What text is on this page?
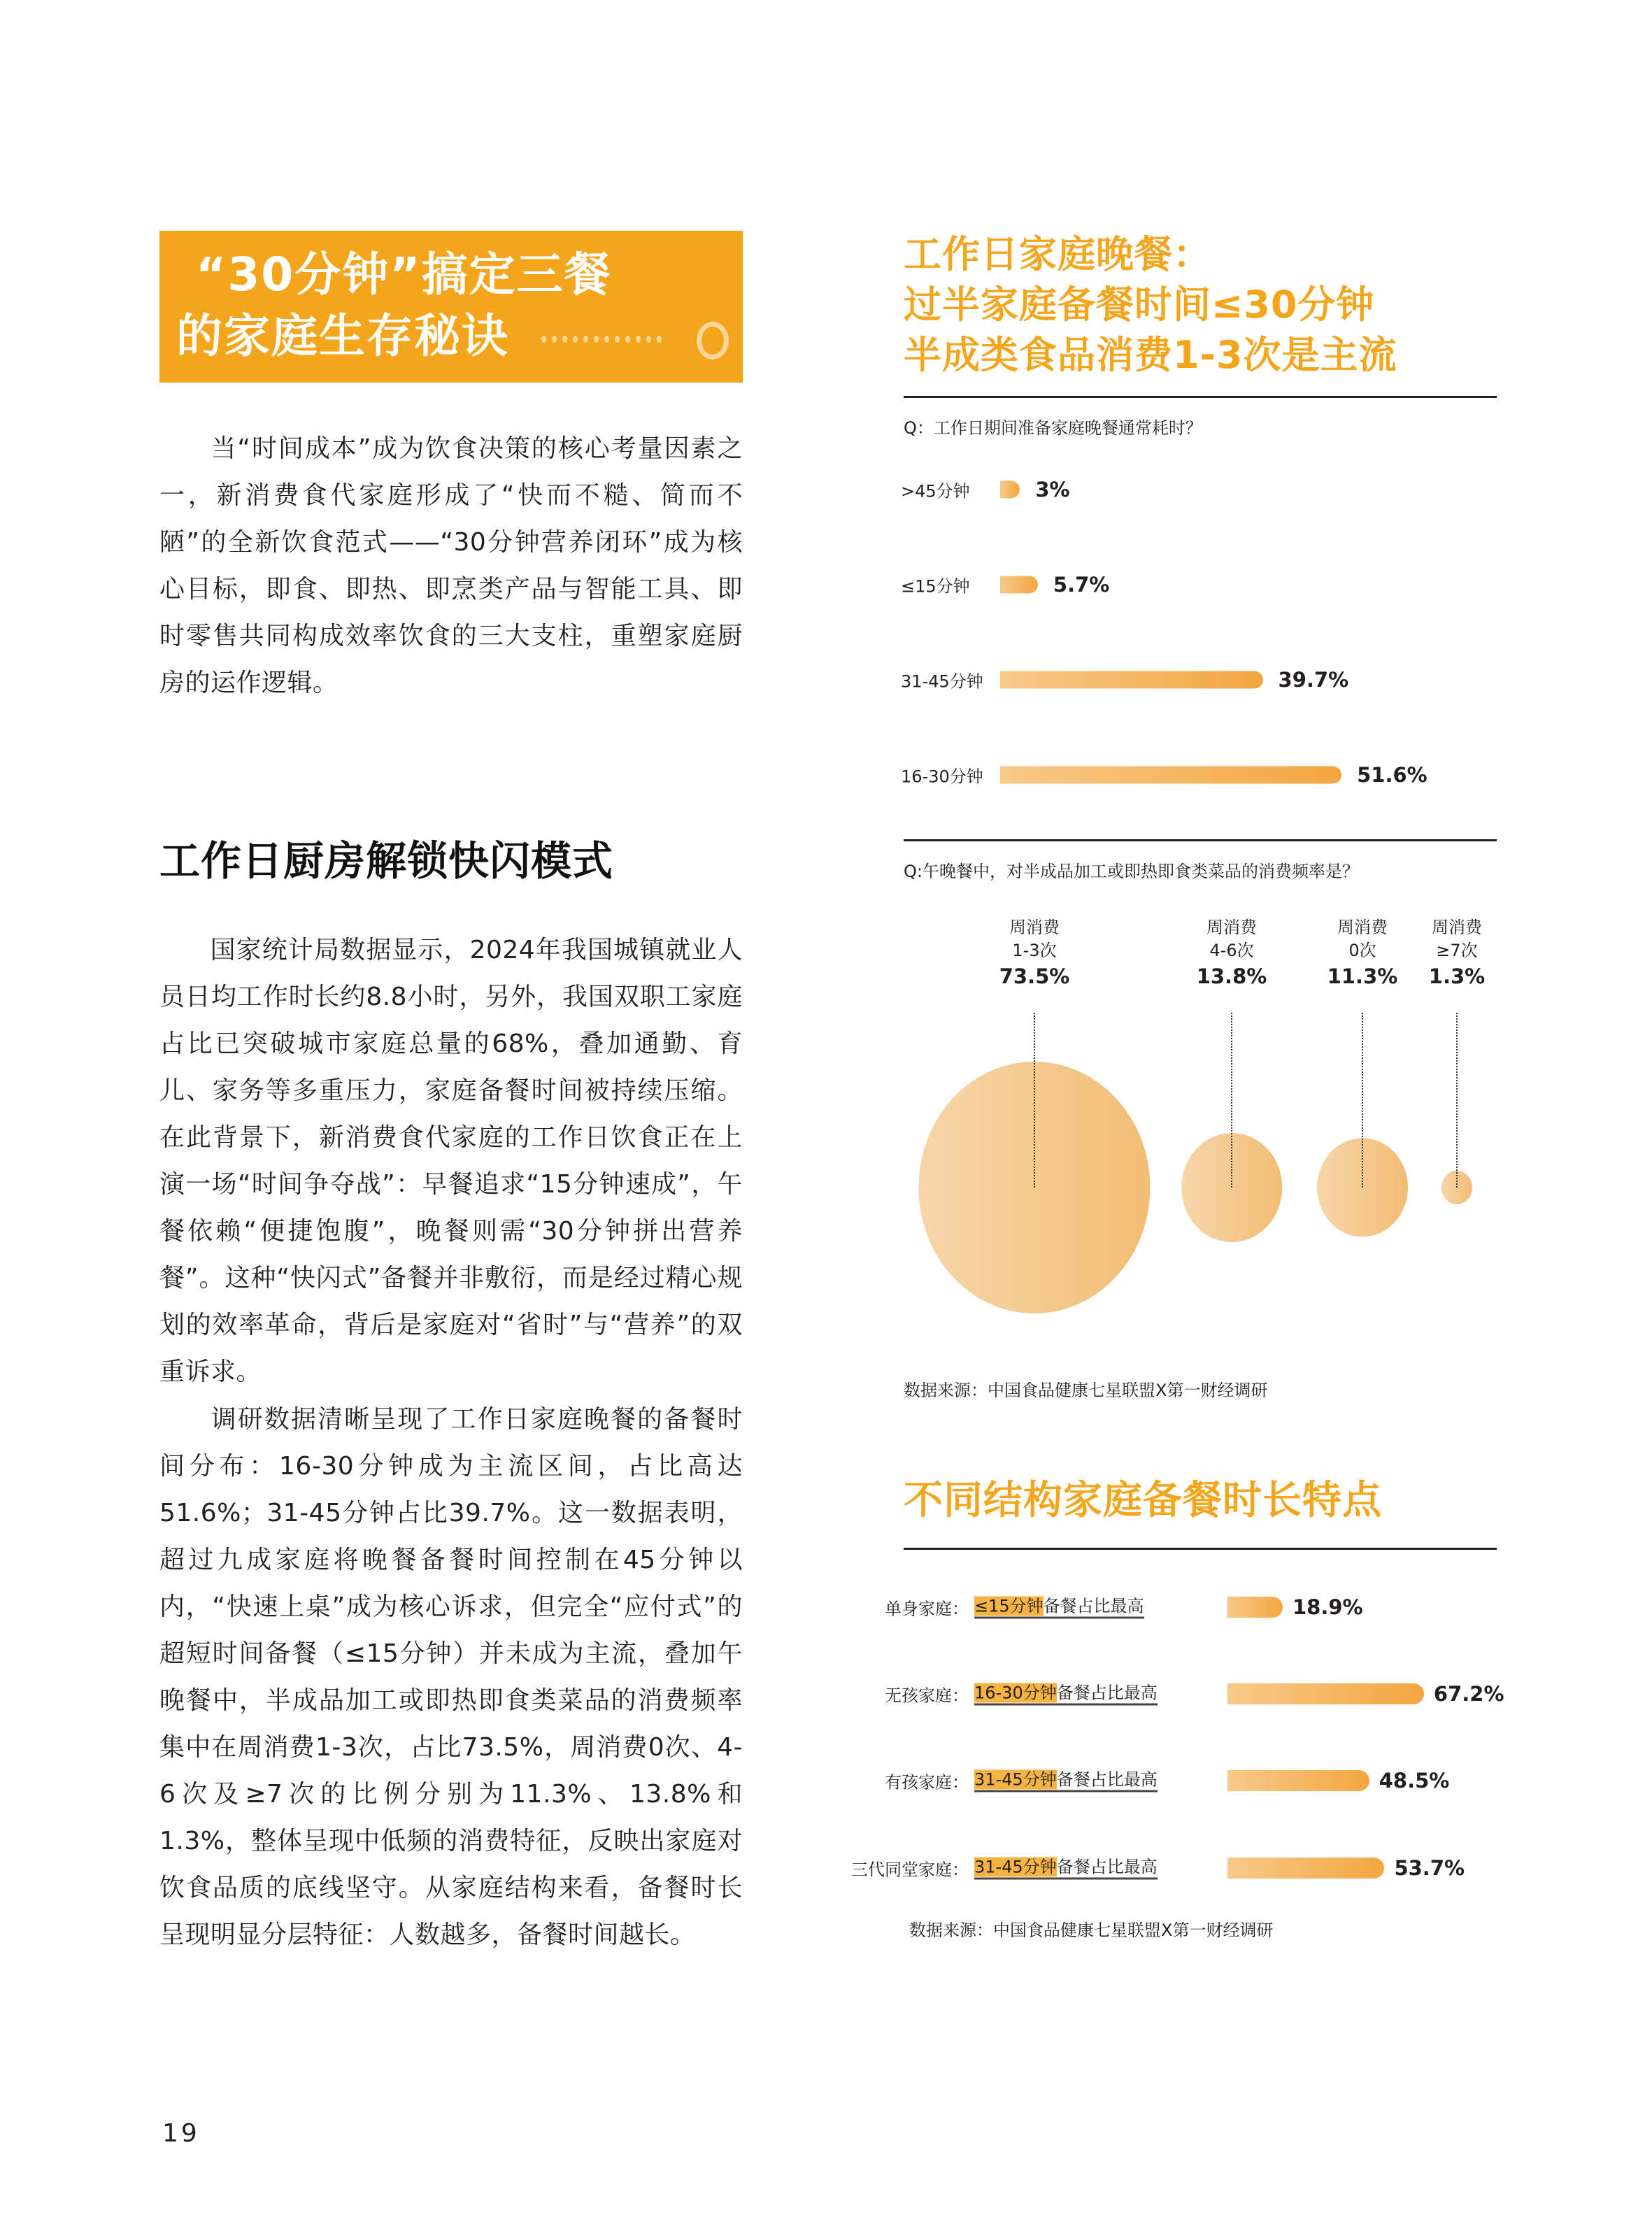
“30分钟”搞定三餐
的家庭生存秘诀

当“时间成本”成为饮食决策的核心考量因素之一，新消费食代家庭形成了“快而不糙、简而不陋”的全新饮食范式——“30分钟营养闭环”成为核心目标，即食、即热、即烹类产品与智能工具、即时零售共同构成效率饮食的三大支柱，重塑家庭厨房的运作逻辑。

工作日厨房解锁快闪模式

国家统计局数据显示，2024年我国城镇就业人员日均工作时长约8.8小时，另外，我国双职工家庭占比已突破城市家庭总量的68%，叠加通勤、育儿、家务等多重压力，家庭备餐时间被持续压缩。在此背景下，新消费食代家庭的工作日饮食正在上演一场“时间争夺战”：早餐追求“15分钟速成”，午餐依赖“便捷饱腹”，晚餐则需“30分钟拼出营养餐”。这种“快闪式”备餐并非敷衍，而是经过精心规划的效率革命，背后是家庭对“省时”与“营养”的双重诉求。

调研数据清晰呈现了工作日家庭晚餐的备餐时间分布：16-30分钟成为主流区间，占比高达51.6%；31-45分钟占比39.7%。这一数据表明，超过九成家庭将晚餐备餐时间控制在45分钟以内，“快速上桌”成为核心诉求，但完全“应付式”的超短时间备餐（≤15分钟）并未成为主流，叠加午晚餐中，半成品加工或即热即食类菜品的消费频率集中在周消费1-3次，占比73.5%，周消费0次、4-6次及≥7次的比例分别为11.3%、13.8%和1.3%，整体呈现中低频的消费特征，反映出家庭对饮食品质的底线坚守。从家庭结构来看，备餐时长呈现明显分层特征：人数越多，备餐时间越长。

19
工作日家庭晚餐：
过半家庭备餐时间≤30分钟
半成类食品消费1-3次是主流
Q：工作日期间准备家庭晚餐通常耗时？
>45分钟	3%
≤15分钟	5.7%
31-45分钟	39.7%
16-30分钟	51.6%
Q:午晚餐中，对半成品加工或即热即食类菜品的消费频率是？
周消费
1-3次
73.5%
周消费
4-6次
13.8%
周消费
0次
11.3%
周消费
≥7次
1.3%
数据来源：中国食品健康七星联盟X第一财经调研
不同结构家庭备餐时长特点
单身家庭： ≤15分钟备餐占比最高	18.9%
无孩家庭： 16-30分钟备餐占比最高	67.2%
有孩家庭： 31-45分钟备餐占比最高	48.5%
三代同堂家庭： 31-45分钟备餐占比最高	53.7%
数据来源：中国食品健康七星联盟X第一财经调研
